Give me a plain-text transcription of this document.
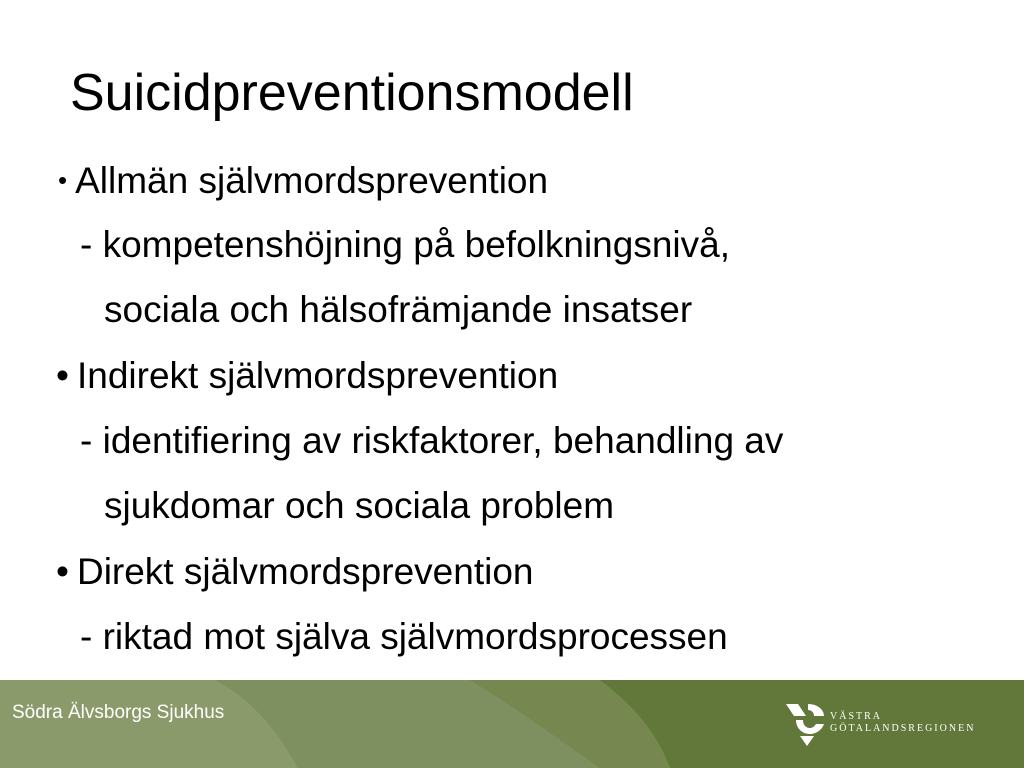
Suicidpreventionsmodell
• Allmän självmordsprevention
- kompetenshöjning på befolkningsnivå,
sociala och hälsofrämjande insatser
• Indirekt självmordsprevention
- identifiering av riskfaktorer, behandling av
sjukdomar och sociala problem
• Direkt självmordsprevention
- riktad mot själva självmordsprocessen
Södra Älvsborgs Sjukhus	VÄSTRA
GÖTALANDSREGIONEN
